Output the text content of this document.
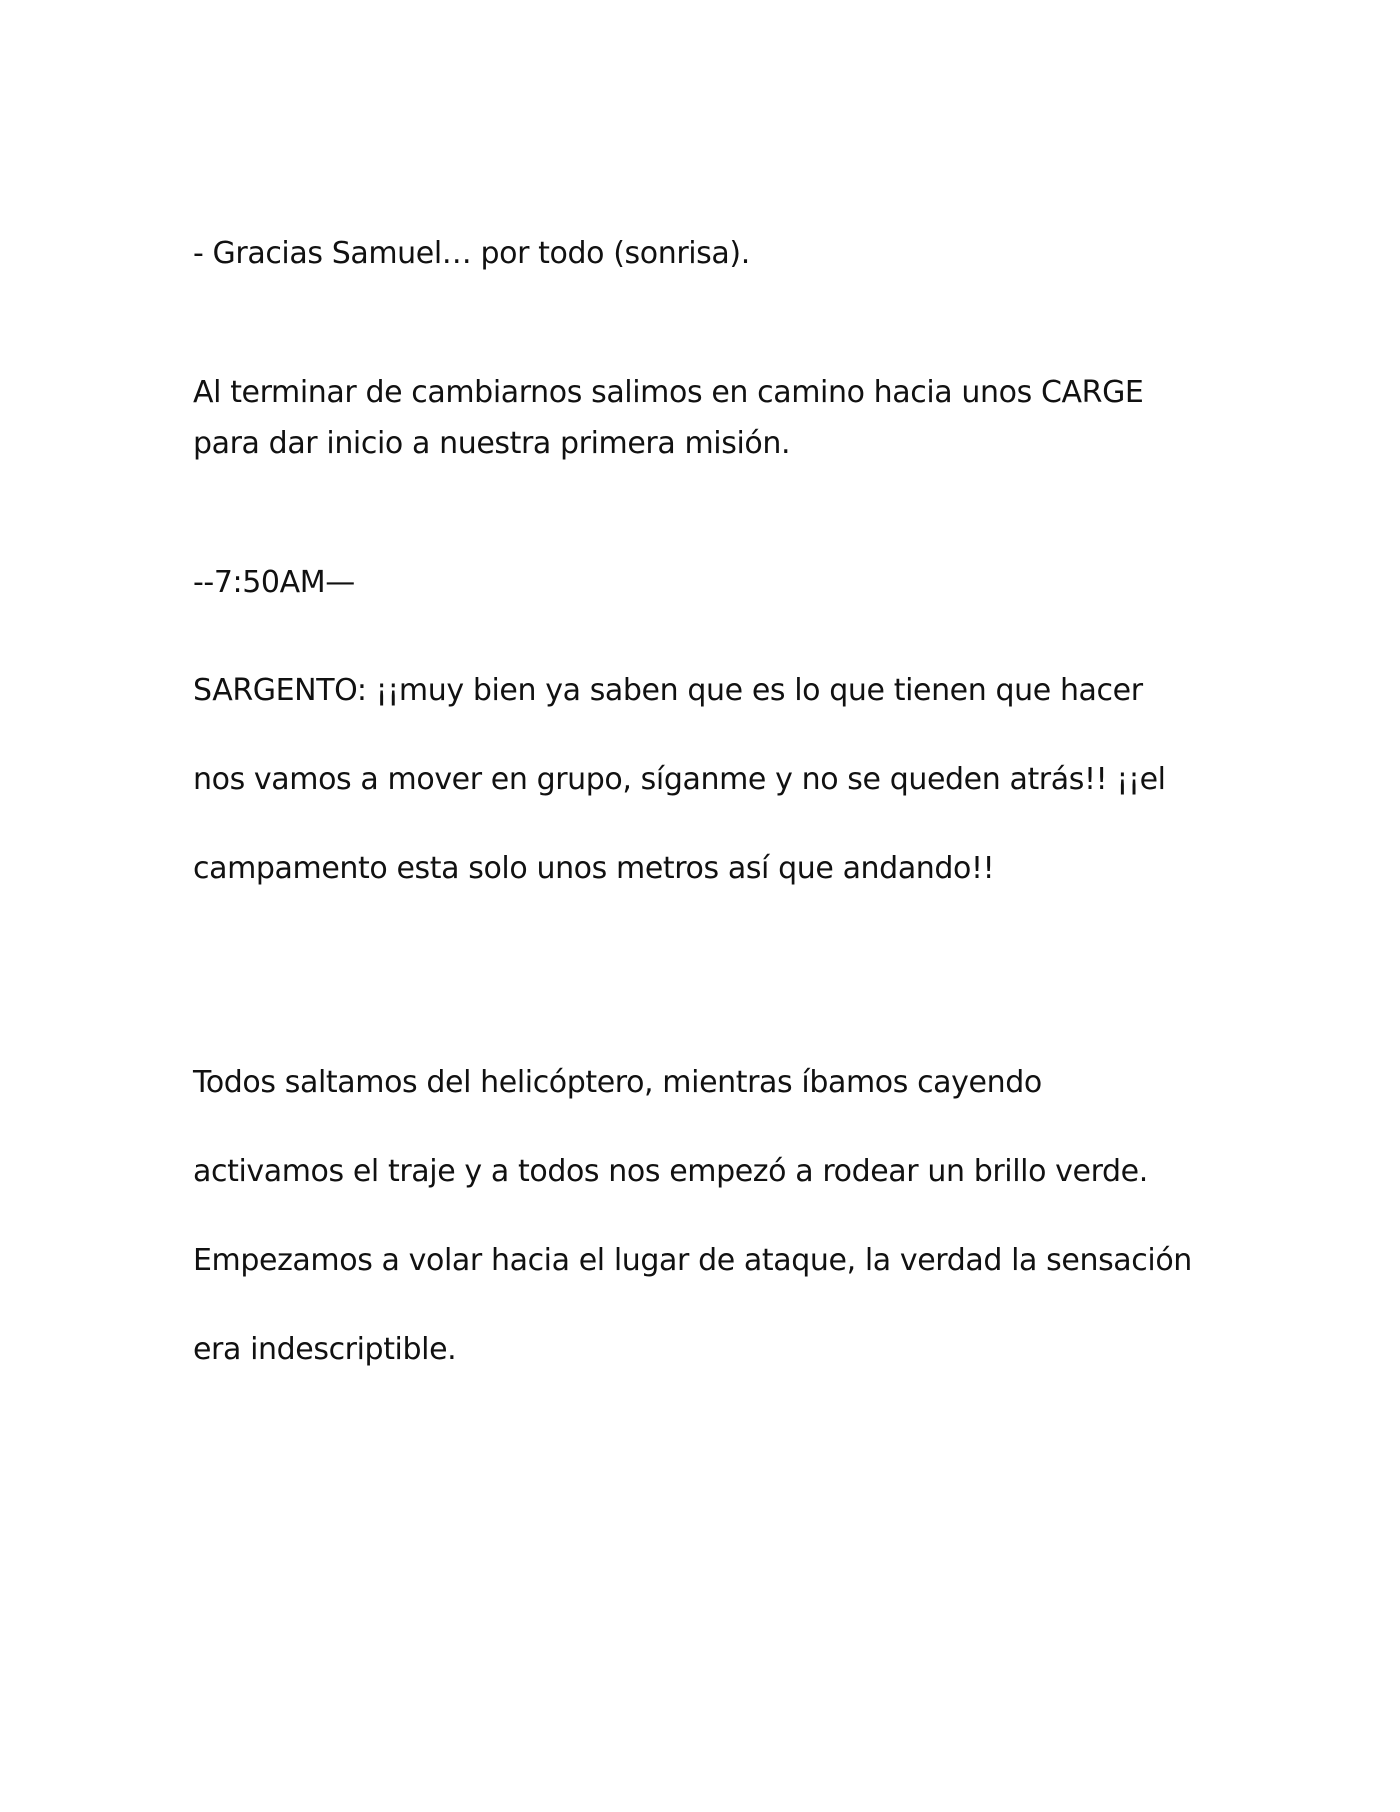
- Gracias Samuel… por todo (sonrisa).

Al terminar de cambiarnos salimos en camino hacia unos CARGE

para dar inicio a nuestra primera misión.

--7:50AM—

SARGENTO: ¡¡muy bien ya saben que es lo que tienen que hacer

nos vamos a mover en grupo, síganme y no se queden atrás!! ¡¡el

campamento esta solo unos metros así que andando!!

Todos saltamos del helicóptero, mientras íbamos cayendo

activamos el traje y a todos nos empezó a rodear un brillo verde.

Empezamos a volar hacia el lugar de ataque, la verdad la sensación

era indescriptible.
